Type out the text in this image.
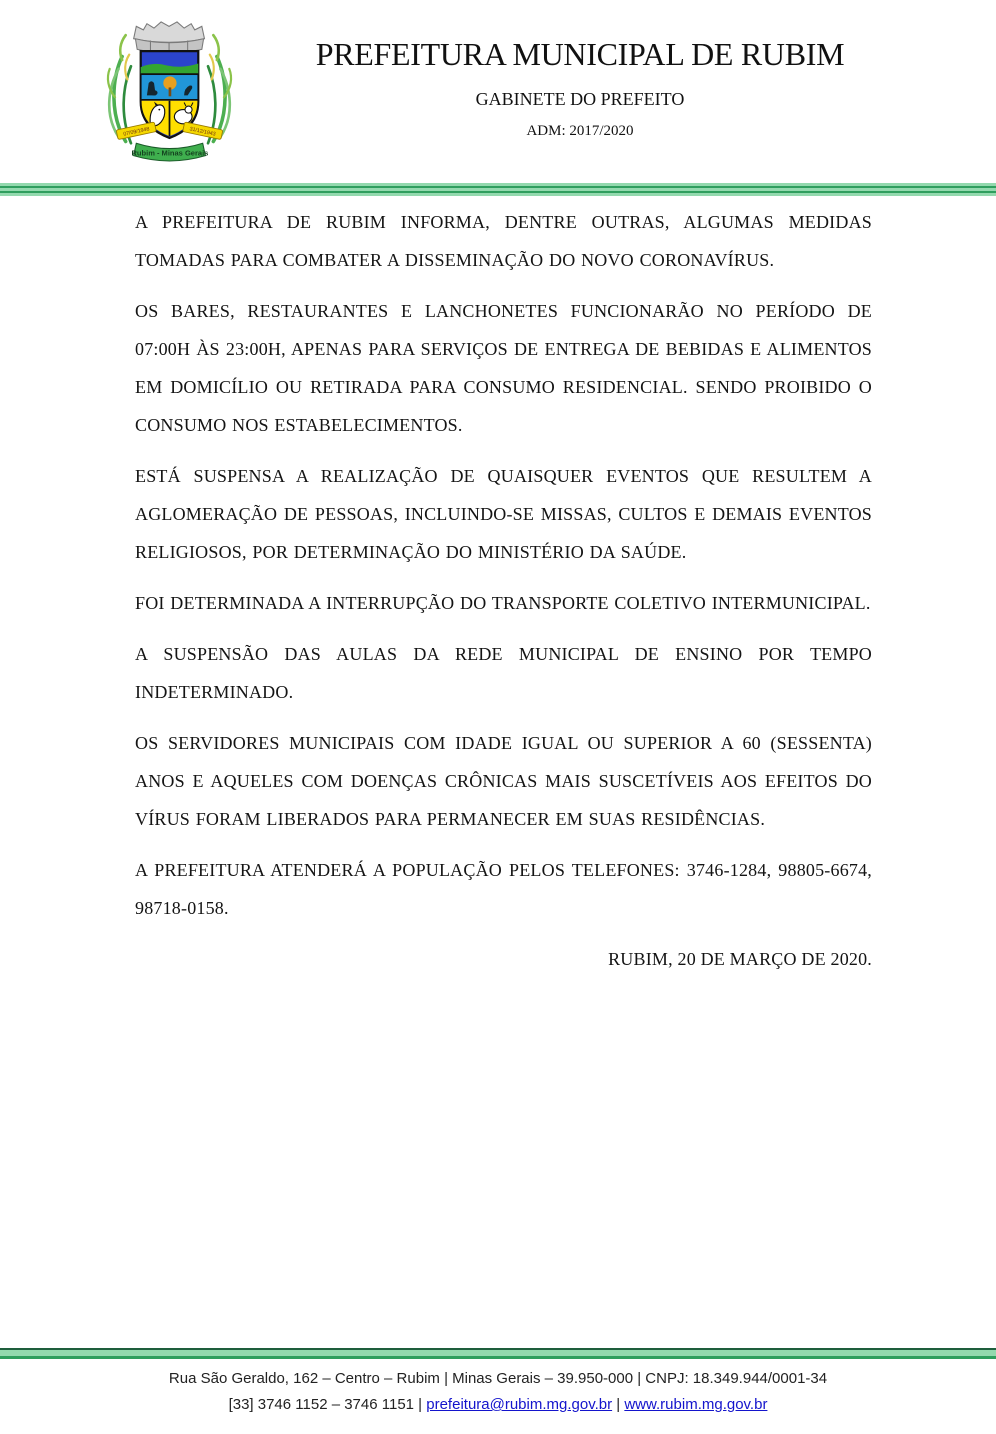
07/09/1948	31/12/1943
Rubim - Minas Gerais
PREFEITURA MUNICIPAL DE RUBIM
GABINETE DO PREFEITO
ADM: 2017/2020

A PREFEITURA DE RUBIM INFORMA, DENTRE OUTRAS, ALGUMAS MEDIDAS TOMADAS PARA COMBATER A DISSEMINAÇÃO DO NOVO CORONAVÍRUS.

OS BARES, RESTAURANTES E LANCHONETES FUNCIONARÃO NO PERÍODO DE 07:00H ÀS 23:00H, APENAS PARA SERVIÇOS DE ENTREGA DE BEBIDAS E ALIMENTOS EM DOMICÍLIO OU RETIRADA PARA CONSUMO RESIDENCIAL. SENDO PROIBIDO O CONSUMO NOS ESTABELECIMENTOS.

ESTÁ SUSPENSA A REALIZAÇÃO DE QUAISQUER EVENTOS QUE RESULTEM A AGLOMERAÇÃO DE PESSOAS, INCLUINDO-SE MISSAS, CULTOS E DEMAIS EVENTOS RELIGIOSOS, POR DETERMINAÇÃO DO MINISTÉRIO DA SAÚDE.

FOI DETERMINADA A INTERRUPÇÃO DO TRANSPORTE COLETIVO INTERMUNICIPAL.

A SUSPENSÃO DAS AULAS DA REDE MUNICIPAL DE ENSINO POR TEMPO INDETERMINADO.

OS SERVIDORES MUNICIPAIS COM IDADE IGUAL OU SUPERIOR A 60 (SESSENTA) ANOS E AQUELES COM DOENÇAS CRÔNICAS MAIS SUSCETÍVEIS AOS EFEITOS DO VÍRUS FORAM LIBERADOS PARA PERMANECER EM SUAS RESIDÊNCIAS.

A PREFEITURA ATENDERÁ A POPULAÇÃO PELOS TELEFONES: 3746-1284, 98805-6674, 98718-0158.

RUBIM, 20 DE MARÇO DE 2020.
Rua São Geraldo, 162 – Centro – Rubim | Minas Gerais – 39.950-000 | CNPJ: 18.349.944/0001-34
[33] 3746 1152 – 3746 1151 | prefeitura@rubim.mg.gov.br | www.rubim.mg.gov.br
